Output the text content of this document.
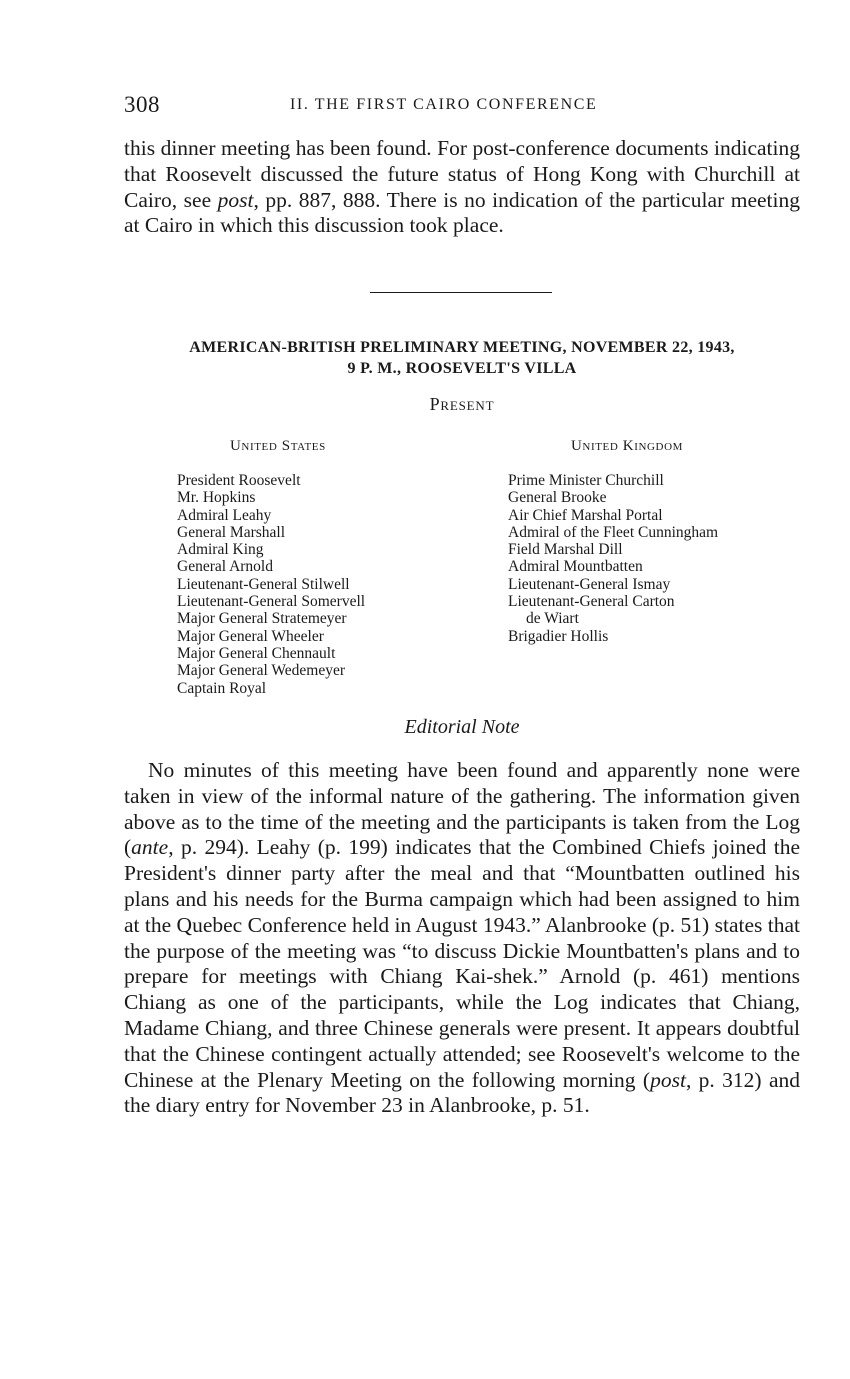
308	II. THE FIRST CAIRO CONFERENCE

this dinner meeting has been found. For post-conference documents indicating that Roosevelt discussed the future status of Hong Kong with Churchill at Cairo, see post, pp. 887, 888. There is no indication of the particular meeting at Cairo in which this discussion took place.

AMERICAN-BRITISH PRELIMINARY MEETING, NOVEMBER 22, 1943,
9 P. M., ROOSEVELT'S VILLA
Present
United States	United Kingdom
President Roosevelt
Mr. Hopkins
Admiral Leahy
General Marshall
Admiral King
General Arnold
Lieutenant-General Stilwell
Lieutenant-General Somervell
Major General Stratemeyer
Major General Wheeler
Major General Chennault
Major General Wedemeyer
Captain Royal
Prime Minister Churchill
General Brooke
Air Chief Marshal Portal
Admiral of the Fleet Cunningham
Field Marshal Dill
Admiral Mountbatten
Lieutenant-General Ismay
Lieutenant-General Carton
de Wiart
Brigadier Hollis
Editorial Note

No minutes of this meeting have been found and apparently none were taken in view of the informal nature of the gathering. The information given above as to the time of the meeting and the participants is taken from the Log (ante, p. 294). Leahy (p. 199) indicates that the Combined Chiefs joined the President's dinner party after the meal and that “Mountbatten outlined his plans and his needs for the Burma campaign which had been assigned to him at the Quebec Conference held in August 1943.” Alanbrooke (p. 51) states that the purpose of the meeting was “to discuss Dickie Mountbatten's plans and to prepare for meetings with Chiang Kai-shek.” Arnold (p. 461) mentions Chiang as one of the participants, while the Log indicates that Chiang, Madame Chiang, and three Chinese generals were present. It appears doubtful that the Chinese contingent actually attended; see Roosevelt's welcome to the Chinese at the Plenary Meeting on the following morning (post, p. 312) and the diary entry for November 23 in Alanbrooke, p. 51.
